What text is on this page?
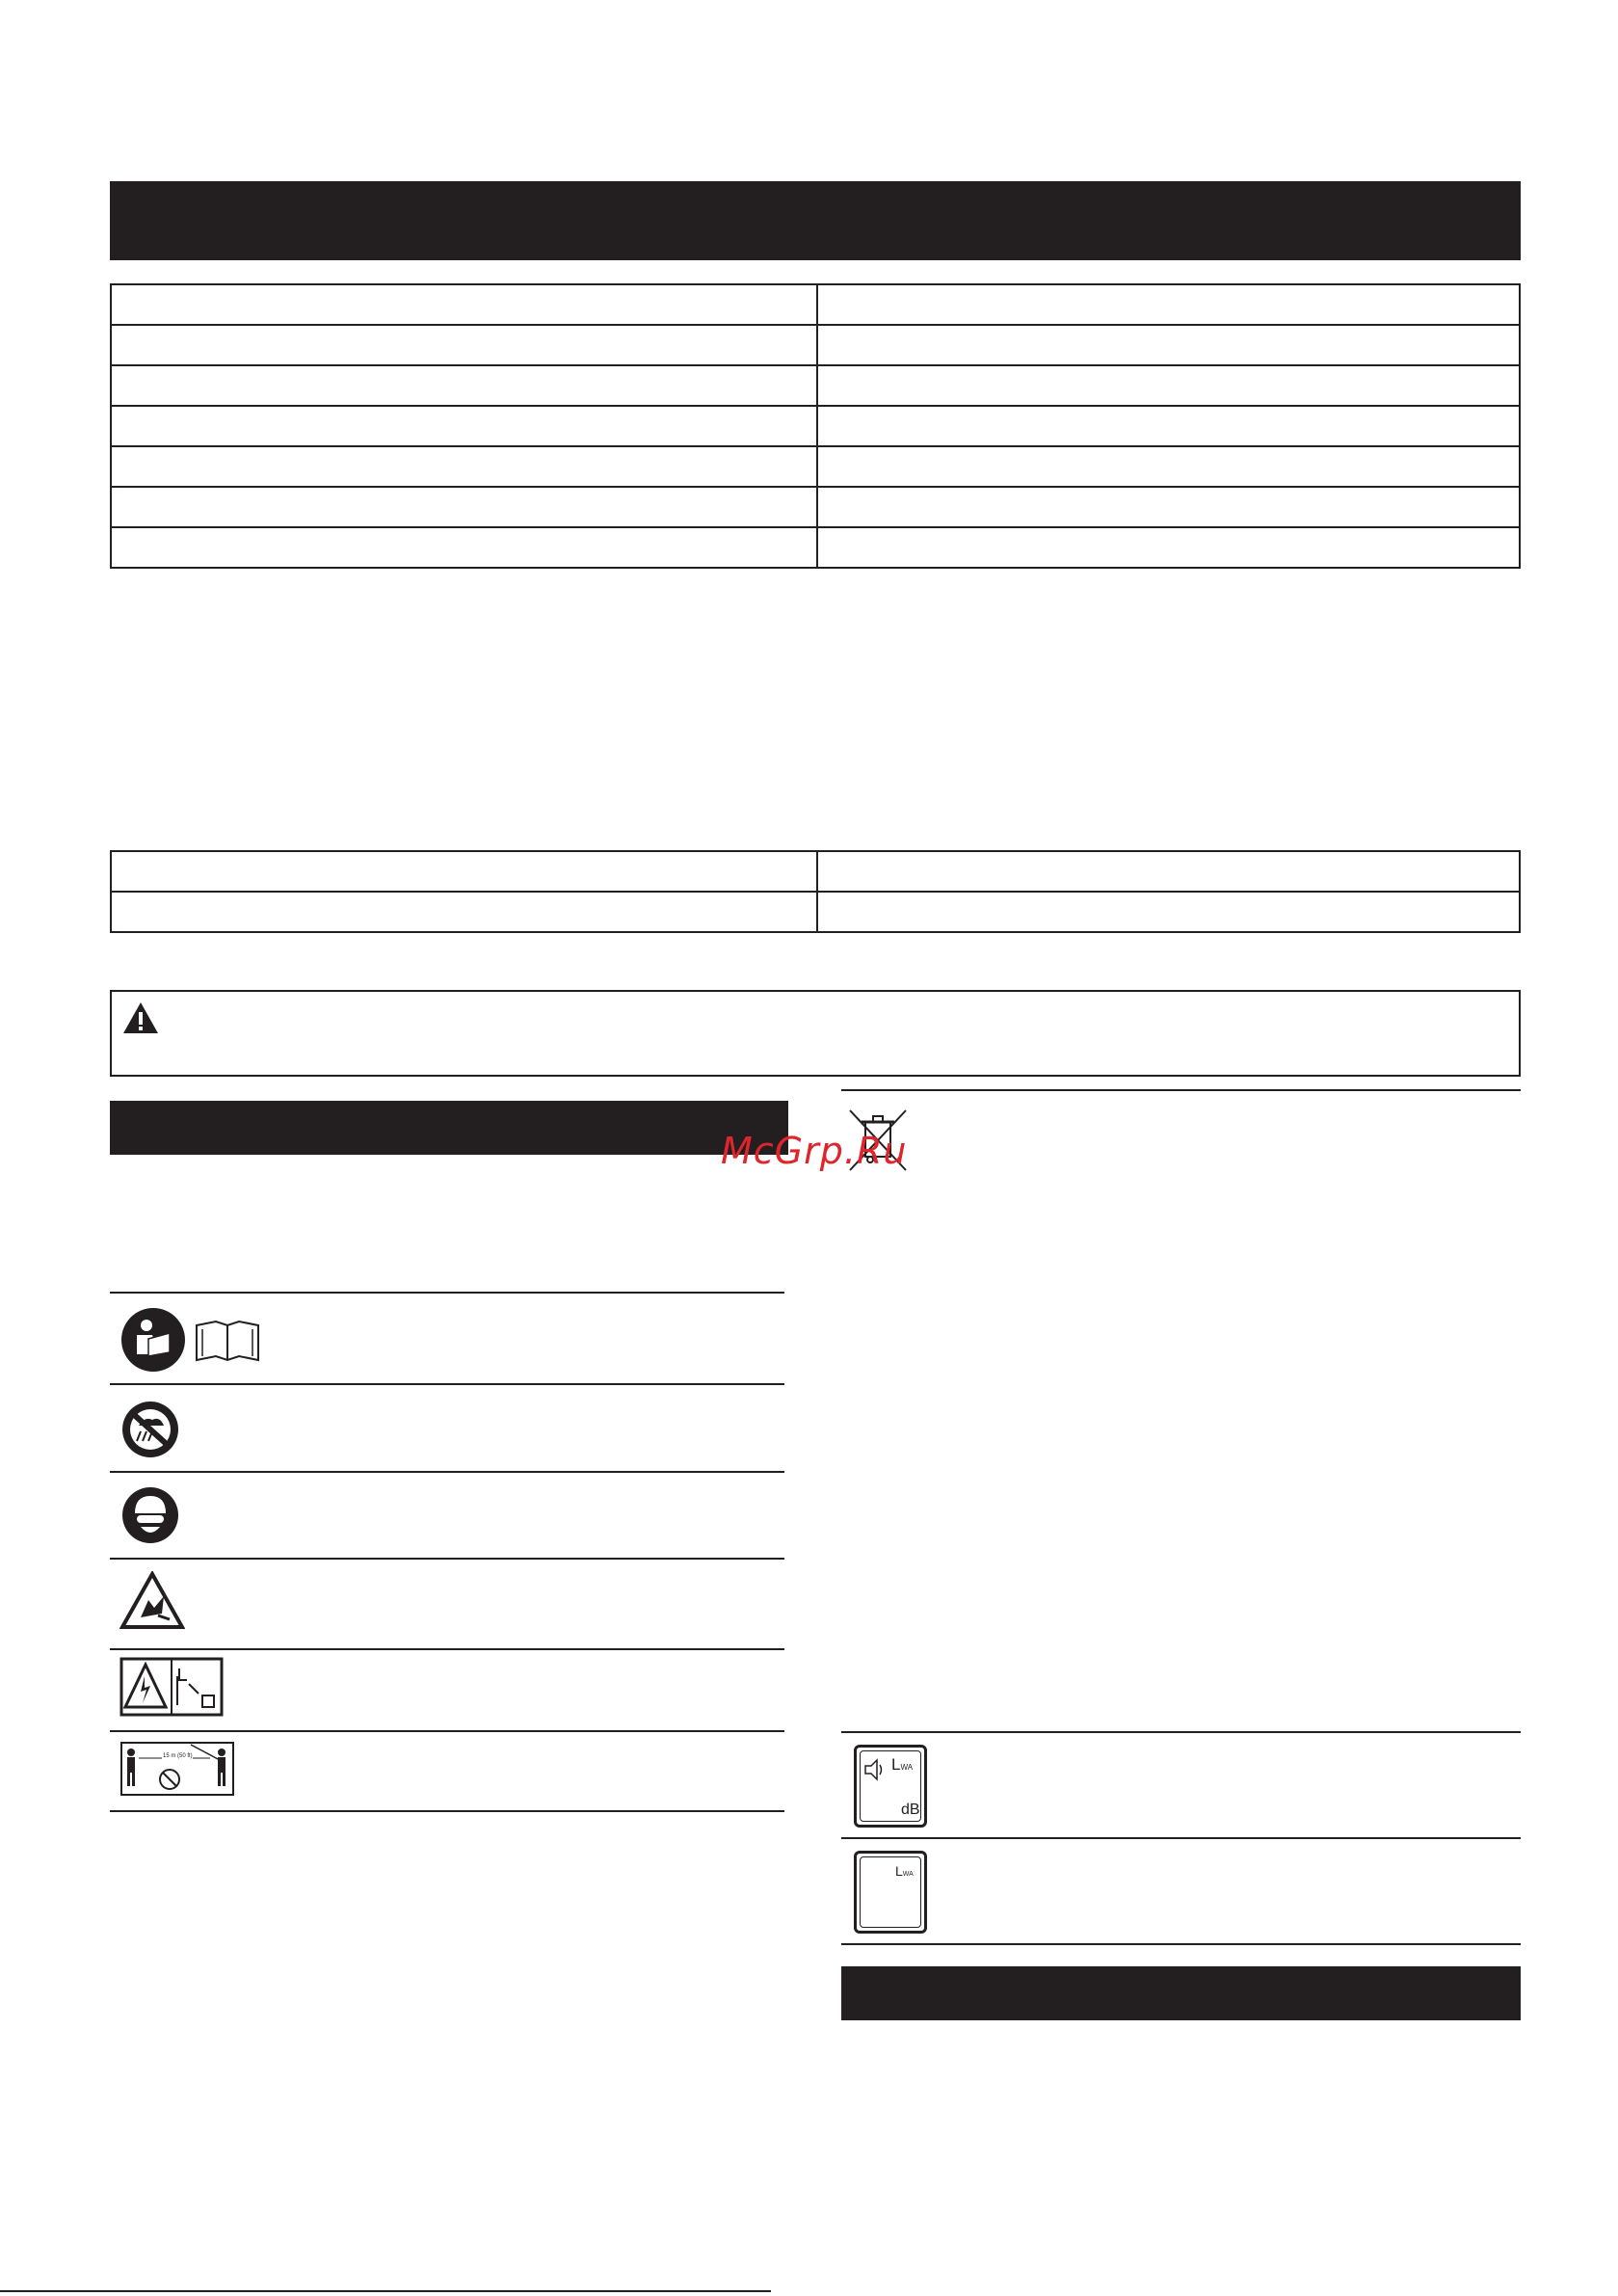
McGrp.Ru
15 m (50 ft)	LWA
dB
LWA
